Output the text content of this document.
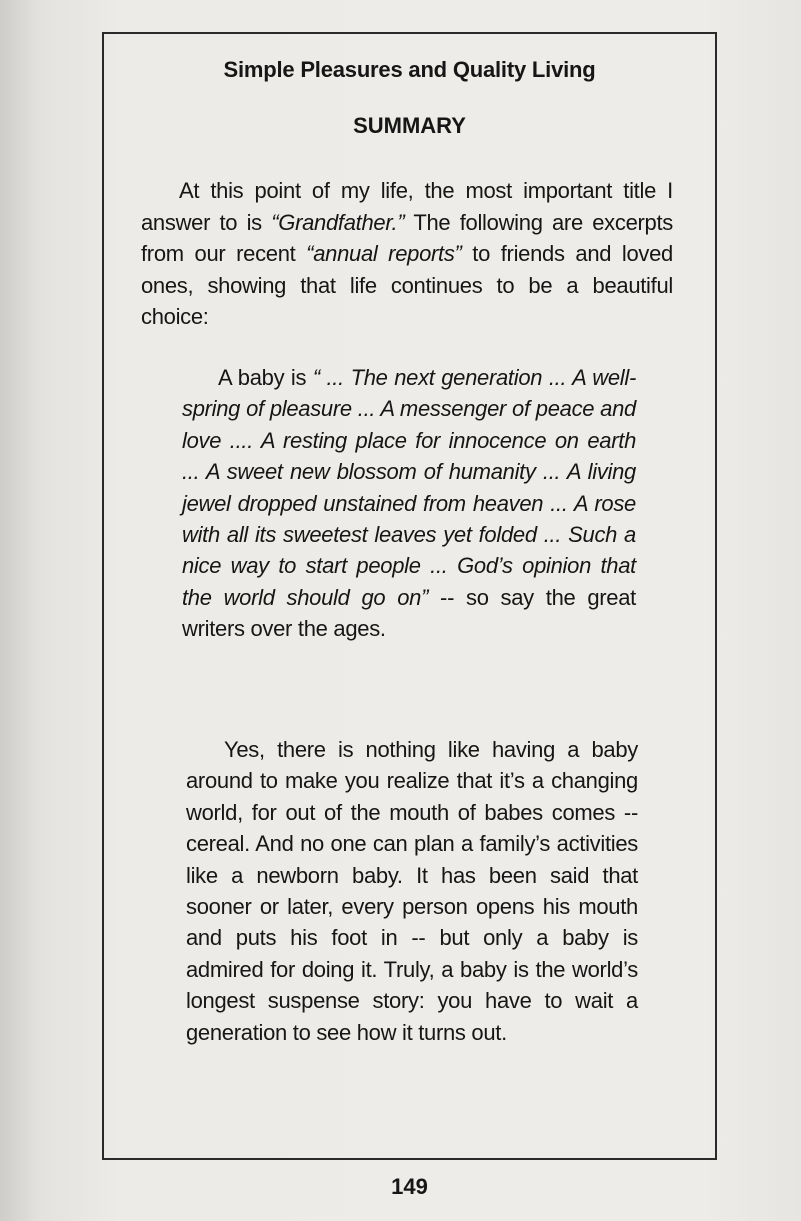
Simple Pleasures and Quality Living
SUMMARY

At this point of my life, the most important title I answer to is “Grandfather.” The following are excerpts from our recent “annual reports” to friends and loved ones, showing that life continues to be a beautiful choice:

A baby is “ ... The next generation ... A well-spring of pleasure ... A messenger of peace and love .... A resting place for innocence on earth ... A sweet new blossom of humanity ... A living jewel dropped unstained from heaven ... A rose with all its sweetest leaves yet folded ... Such a nice way to start people ... God’s opinion that the world should go on” -- so say the great writers over the ages.

Yes, there is nothing like having a baby around to make you realize that it’s a changing world, for out of the mouth of babes comes --cereal. And no one can plan a family’s activities like a newborn baby. It has been said that sooner or later, every person opens his mouth and puts his foot in -- but only a baby is admired for doing it. Truly, a baby is the world’s longest suspense story: you have to wait a generation to see how it turns out.

149
